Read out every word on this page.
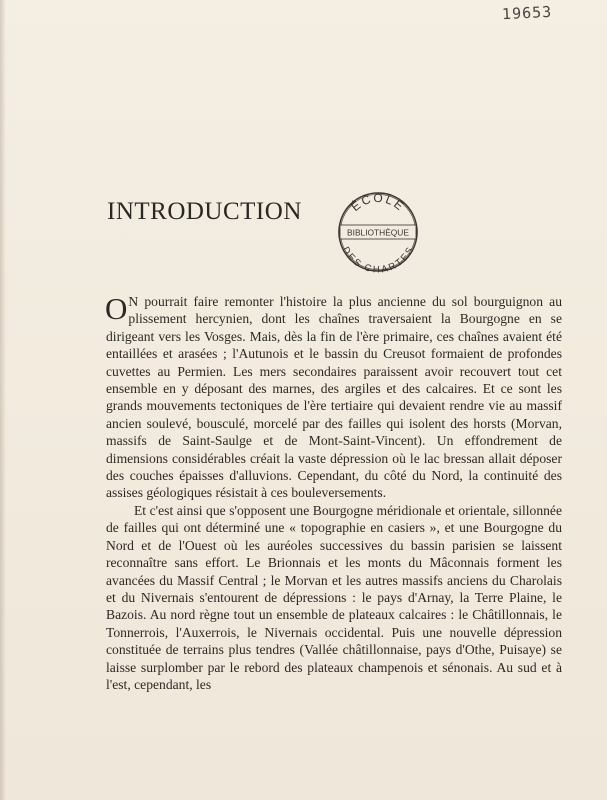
19653
INTRODUCTION	ÉCOLE
BIBLIOTHÈQUE
DES CHARTES

O N pourrait faire remonter l'histoire la plus ancienne du sol bourguignon au plissement hercynien, dont les chaînes traversaient la Bourgogne en se dirigeant vers les Vosges. Mais, dès la fin de l'ère primaire, ces chaînes avaient été entaillées et arasées ; l'Autunois et le bassin du Creusot formaient de profondes cuvettes au Permien. Les mers secondaires paraissent avoir recouvert tout cet ensemble en y déposant des marnes, des argiles et des calcaires. Et ce sont les grands mouvements tectoniques de l'ère tertiaire qui devaient rendre vie au massif ancien soulevé, bousculé, morcelé par des failles qui isolent des horsts (Morvan, massifs de Saint-Saulge et de Mont-Saint-Vincent). Un effondrement de dimensions considérables créait la vaste dépression où le lac bressan allait déposer des couches épaisses d'alluvions. Cependant, du côté du Nord, la continuité des assises géologiques résistait à ces bouleversements.

Et c'est ainsi que s'opposent une Bourgogne méridionale et orientale, sillonnée de failles qui ont déterminé une « topographie en casiers », et une Bourgogne du Nord et de l'Ouest où les auréoles successives du bassin parisien se laissent reconnaître sans effort. Le Brionnais et les monts du Mâconnais forment les avancées du Massif Central ; le Morvan et les autres massifs anciens du Charolais et du Nivernais s'entourent de dépressions : le pays d'Arnay, la Terre Plaine, le Bazois. Au nord règne tout un ensemble de plateaux calcaires : le Châtillonnais, le Tonnerrois, l'Auxerrois, le Nivernais occidental. Puis une nouvelle dépression constituée de terrains plus tendres (Vallée châtillonnaise, pays d'Othe, Puisaye) se laisse surplomber par le rebord des plateaux champenois et sénonais. Au sud et à l'est, cependant, les
